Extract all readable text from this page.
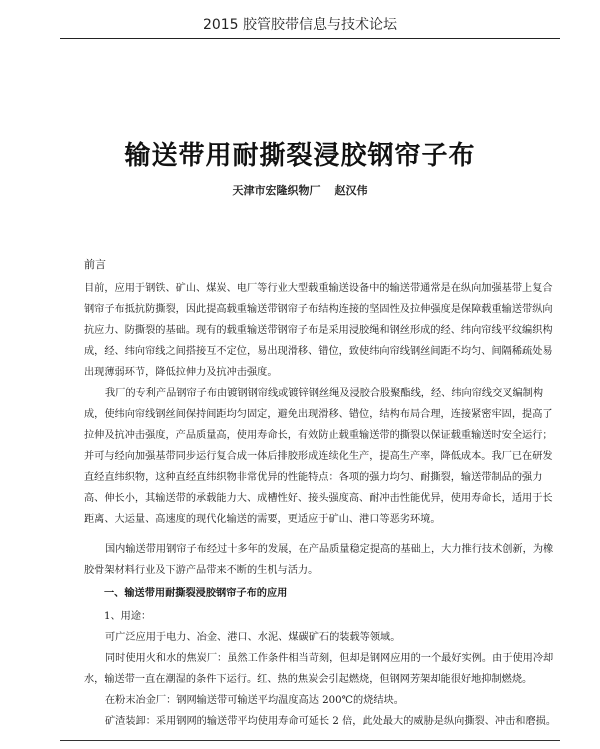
2015 胶管胶带信息与技术论坛
输送带用耐撕裂浸胶钢帘子布
天津市宏隆织物厂 赵汉伟
前言

目前，应用于钢铁、矿山、煤炭、电厂等行业大型载重输送设备中的输送带通常是在纵向加强基带上复合钢帘子布抵抗防撕裂，因此提高载重输送带钢帘子布结构连接的坚固性及拉伸强度是保障载重输送带纵向抗应力、防撕裂的基础。现有的载重输送带钢帘子布是采用浸胶绳和钢丝形成的经、纬向帘线平纹编织构成，经、纬向帘线之间搭接互不定位，易出现滑移、错位，致使纬向帘线钢丝间距不均匀、间隔稀疏处易出现薄弱环节，降低拉伸力及抗冲击强度。

我厂的专利产品钢帘子布由镀钢钢帘线或镀锌钢丝绳及浸胶合股聚酯线，经、纬向帘线交叉编制构成，使纬向帘线钢丝间保持间距均匀固定，避免出现滑移、错位，结构布局合理，连接紧密牢固，提高了拉伸及抗冲击强度，产品质量高，使用寿命长，有效防止载重输送带的撕裂以保证载重输送时安全运行；并可与经向加强基带同步运行复合成一体后排胶形成连续化生产，提高生产率，降低成本。我厂已在研发直经直纬织物，这种直经直纬织物非常优异的性能特点：各项的强力均匀、耐撕裂，输送带制品的强力高、伸长小，其输送带的承载能力大、成槽性好、接头强度高、耐冲击性能优异，使用寿命长，适用于长距离、大运量、高速度的现代化输送的需要，更适应于矿山、港口等恶劣环境。

国内输送带用钢帘子布经过十多年的发展，在产品质量稳定提高的基础上，大力推行技术创新，为橡胶骨架材料行业及下游产品带来不断的生机与活力。

一、输送带用耐撕裂浸胶钢帘子布的应用
1、用途：

可广泛应用于电力、冶金、港口、水泥、煤碳矿石的装载等领域。

同时使用火和水的焦炭厂：虽然工作条件相当苛刻，但却是钢网应用的一个最好实例。由于使用冷却水，输送带一直在潮湿的条件下运行。红、热的焦炭会引起燃烧，但钢网芳架却能很好地抑制燃烧。

在粉末冶金厂：钢网输送带可输送平均温度高达 200℃的烧结块。

矿渣装卸：采用钢网的输送带平均使用寿命可延长 2 倍，此处最大的威胁是纵向撕裂、冲击和磨损。
